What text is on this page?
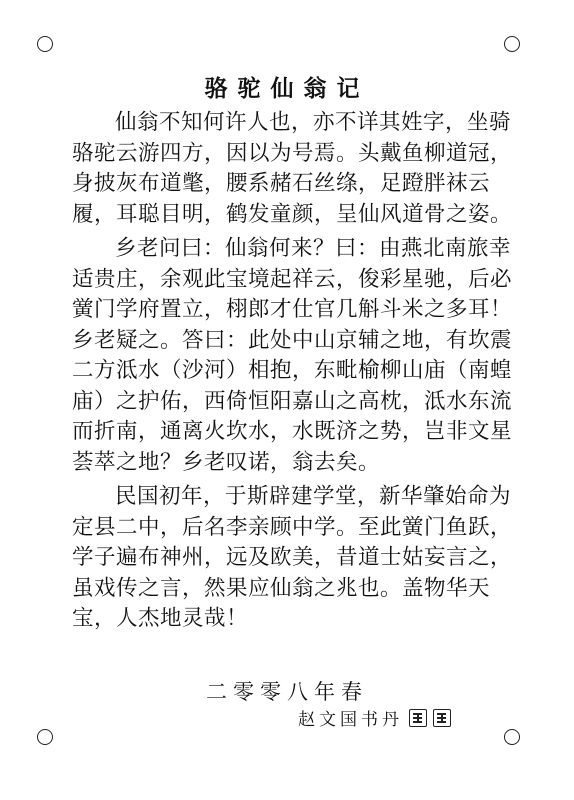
骆驼仙翁记

仙翁不知何许人也，亦不详其姓字，坐骑骆驼云游四方，因以为号焉。头戴鱼柳道冠，身披灰布道氅，腰系赭石丝绦，足蹬胖袜云履，耳聪目明，鹤发童颜，呈仙风道骨之姿。

乡老问曰：仙翁何来？曰：由燕北南旅幸适贵庄，余观此宝境起祥云，俊彩星驰，后必黉门学府置立，栩郎才仕官几斛斗米之多耳！乡老疑之。答曰：此处中山京辅之地，有坎震二方泜水（沙河）相抱，东毗榆柳山庙（南蝗庙）之护佑，西倚恒阳嘉山之高枕，泜水东流而折南，通离火坎水，水既济之势，岂非文星荟萃之地？乡老叹诺，翁去矣。

民国初年，于斯辟建学堂，新华肇始命为定县二中，后名李亲顾中学。至此黉门鱼跃，学子遍布神州，远及欧美，昔道士姑妄言之，虽戏传之言，然果应仙翁之兆也。盖物华天宝，人杰地灵哉！

二零零八年春
赵文国书丹
